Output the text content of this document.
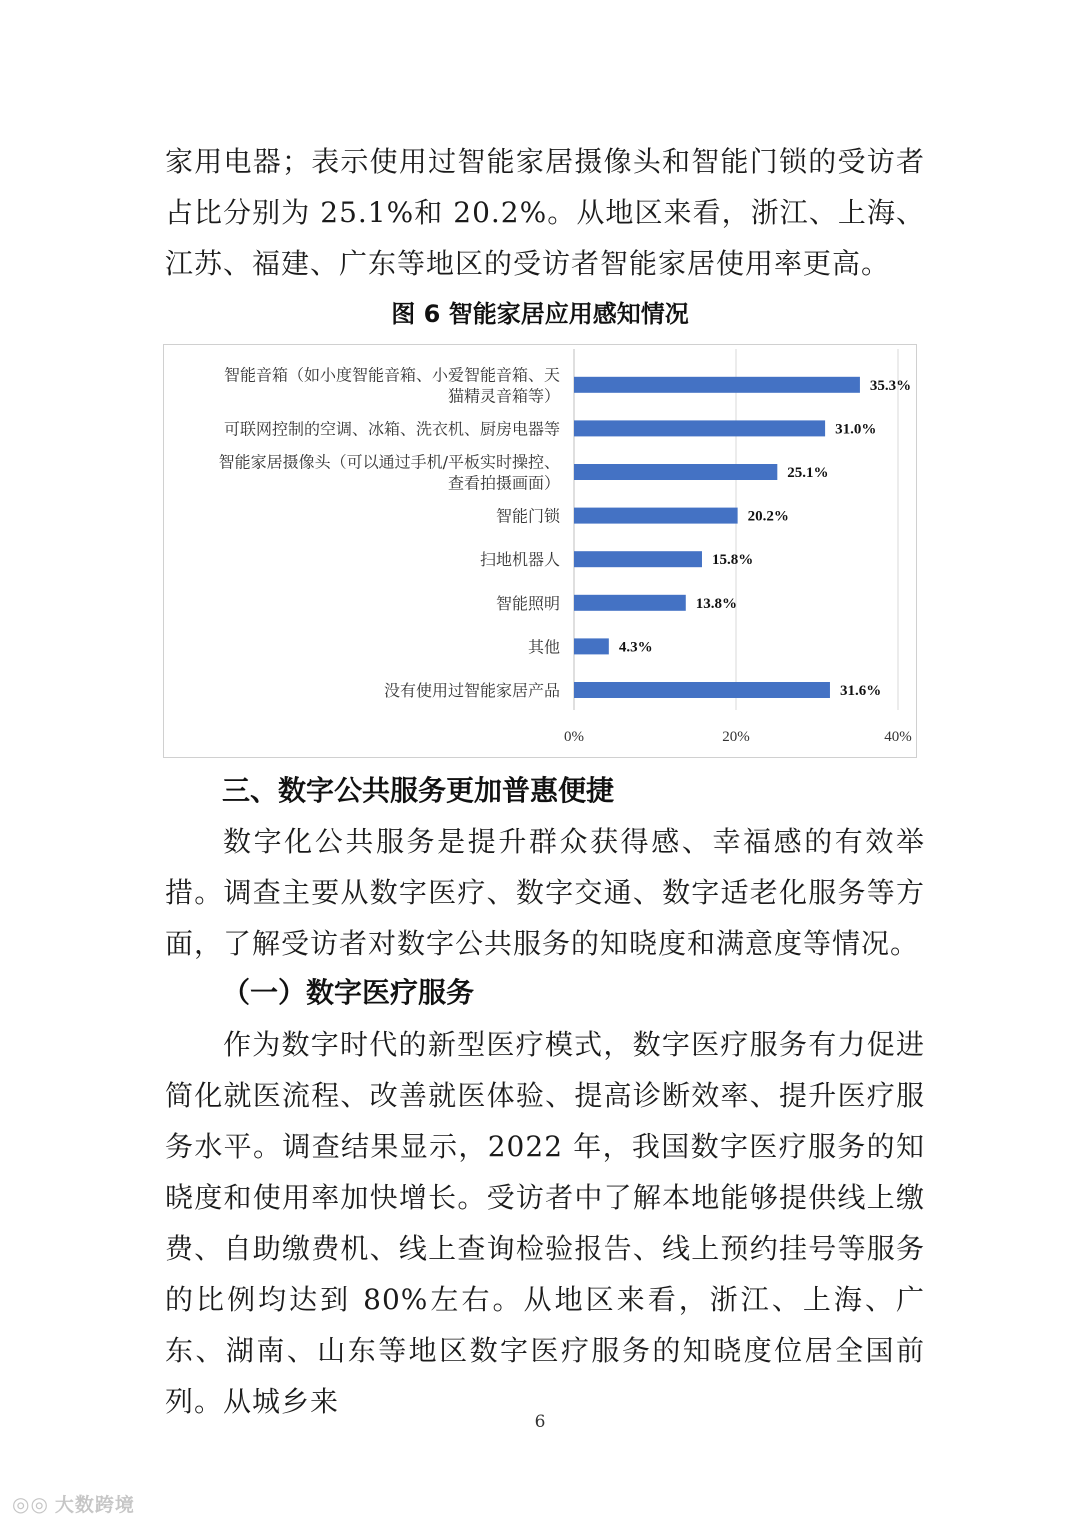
家用电器；表示使用过智能家居摄像头和智能门锁的受访者占比分别为 25.1%和 20.2%。从地区来看，浙江、上海、江苏、福建、广东等地区的受访者智能家居使用率更高。

图 6 智能家居应用感知情况
0%	20%	40%
35.3%
智能音箱（如小度智能音箱、小爱智能音箱、天
猫精灵音箱等）
31.0%
可联网控制的空调、冰箱、洗衣机、厨房电器等
25.1%
智能家居摄像头（可以通过手机/平板实时操控、
查看拍摄画面）
20.2%
智能门锁
15.8%
扫地机器人
13.8%
智能照明
4.3%
其他
31.6%
没有使用过智能家居产品
三、数字公共服务更加普惠便捷

数字化公共服务是提升群众获得感、幸福感的有效举措。调查主要从数字医疗、数字交通、数字适老化服务等方面，了解受访者对数字公共服务的知晓度和满意度等情况。

（一）数字医疗服务

作为数字时代的新型医疗模式，数字医疗服务有力促进简化就医流程、改善就医体验、提高诊断效率、提升医疗服务水平。调查结果显示，2022 年，我国数字医疗服务的知晓度和使用率加快增长。受访者中了解本地能够提供线上缴费、自助缴费机、线上查询检验报告、线上预约挂号等服务的比例均达到 80%左右。从地区来看，浙江、上海、广东、湖南、山东等地区数字医疗服务的知晓度位居全国前列。从城乡来

6
◎◎ 大数跨境
